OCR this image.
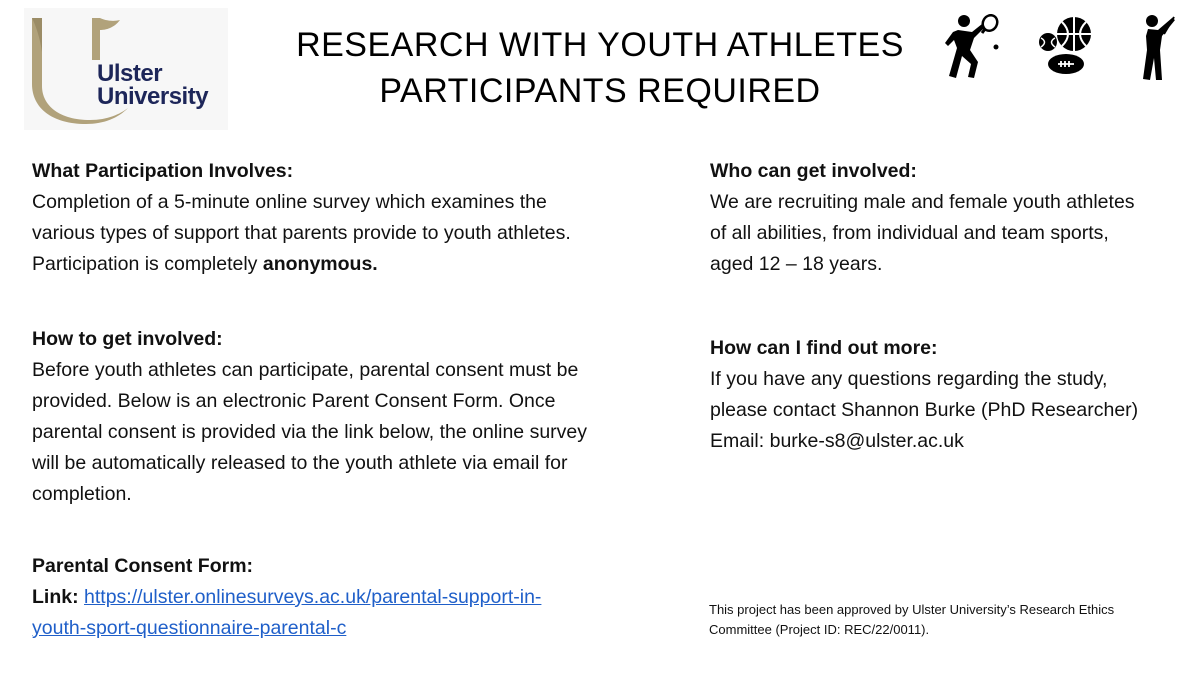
Ulster
University
RESEARCH WITH YOUTH ATHLETES
PARTICIPANTS REQUIRED
What Participation Involves:
Completion of a 5-minute online survey which examines the
various types of support that parents provide to youth athletes.
Participation is completely anonymous.
How to get involved:
Before youth athletes can participate, parental consent must be
provided. Below is an electronic Parent Consent Form. Once
parental consent is provided via the link below, the online survey
will be automatically released to the youth athlete via email for
completion.
Parental Consent Form:
Link: https://ulster.onlinesurveys.ac.uk/parental-support-in-
youth-sport-questionnaire-parental-c
Who can get involved:
We are recruiting male and female youth athletes
of all abilities, from individual and team sports,
aged 12 – 18 years.
How can I find out more:
If you have any questions regarding the study,
please contact Shannon Burke (PhD Researcher)
Email: burke-s8@ulster.ac.uk
This project has been approved by Ulster University’s Research Ethics
Committee (Project ID: REC/22/0011).
